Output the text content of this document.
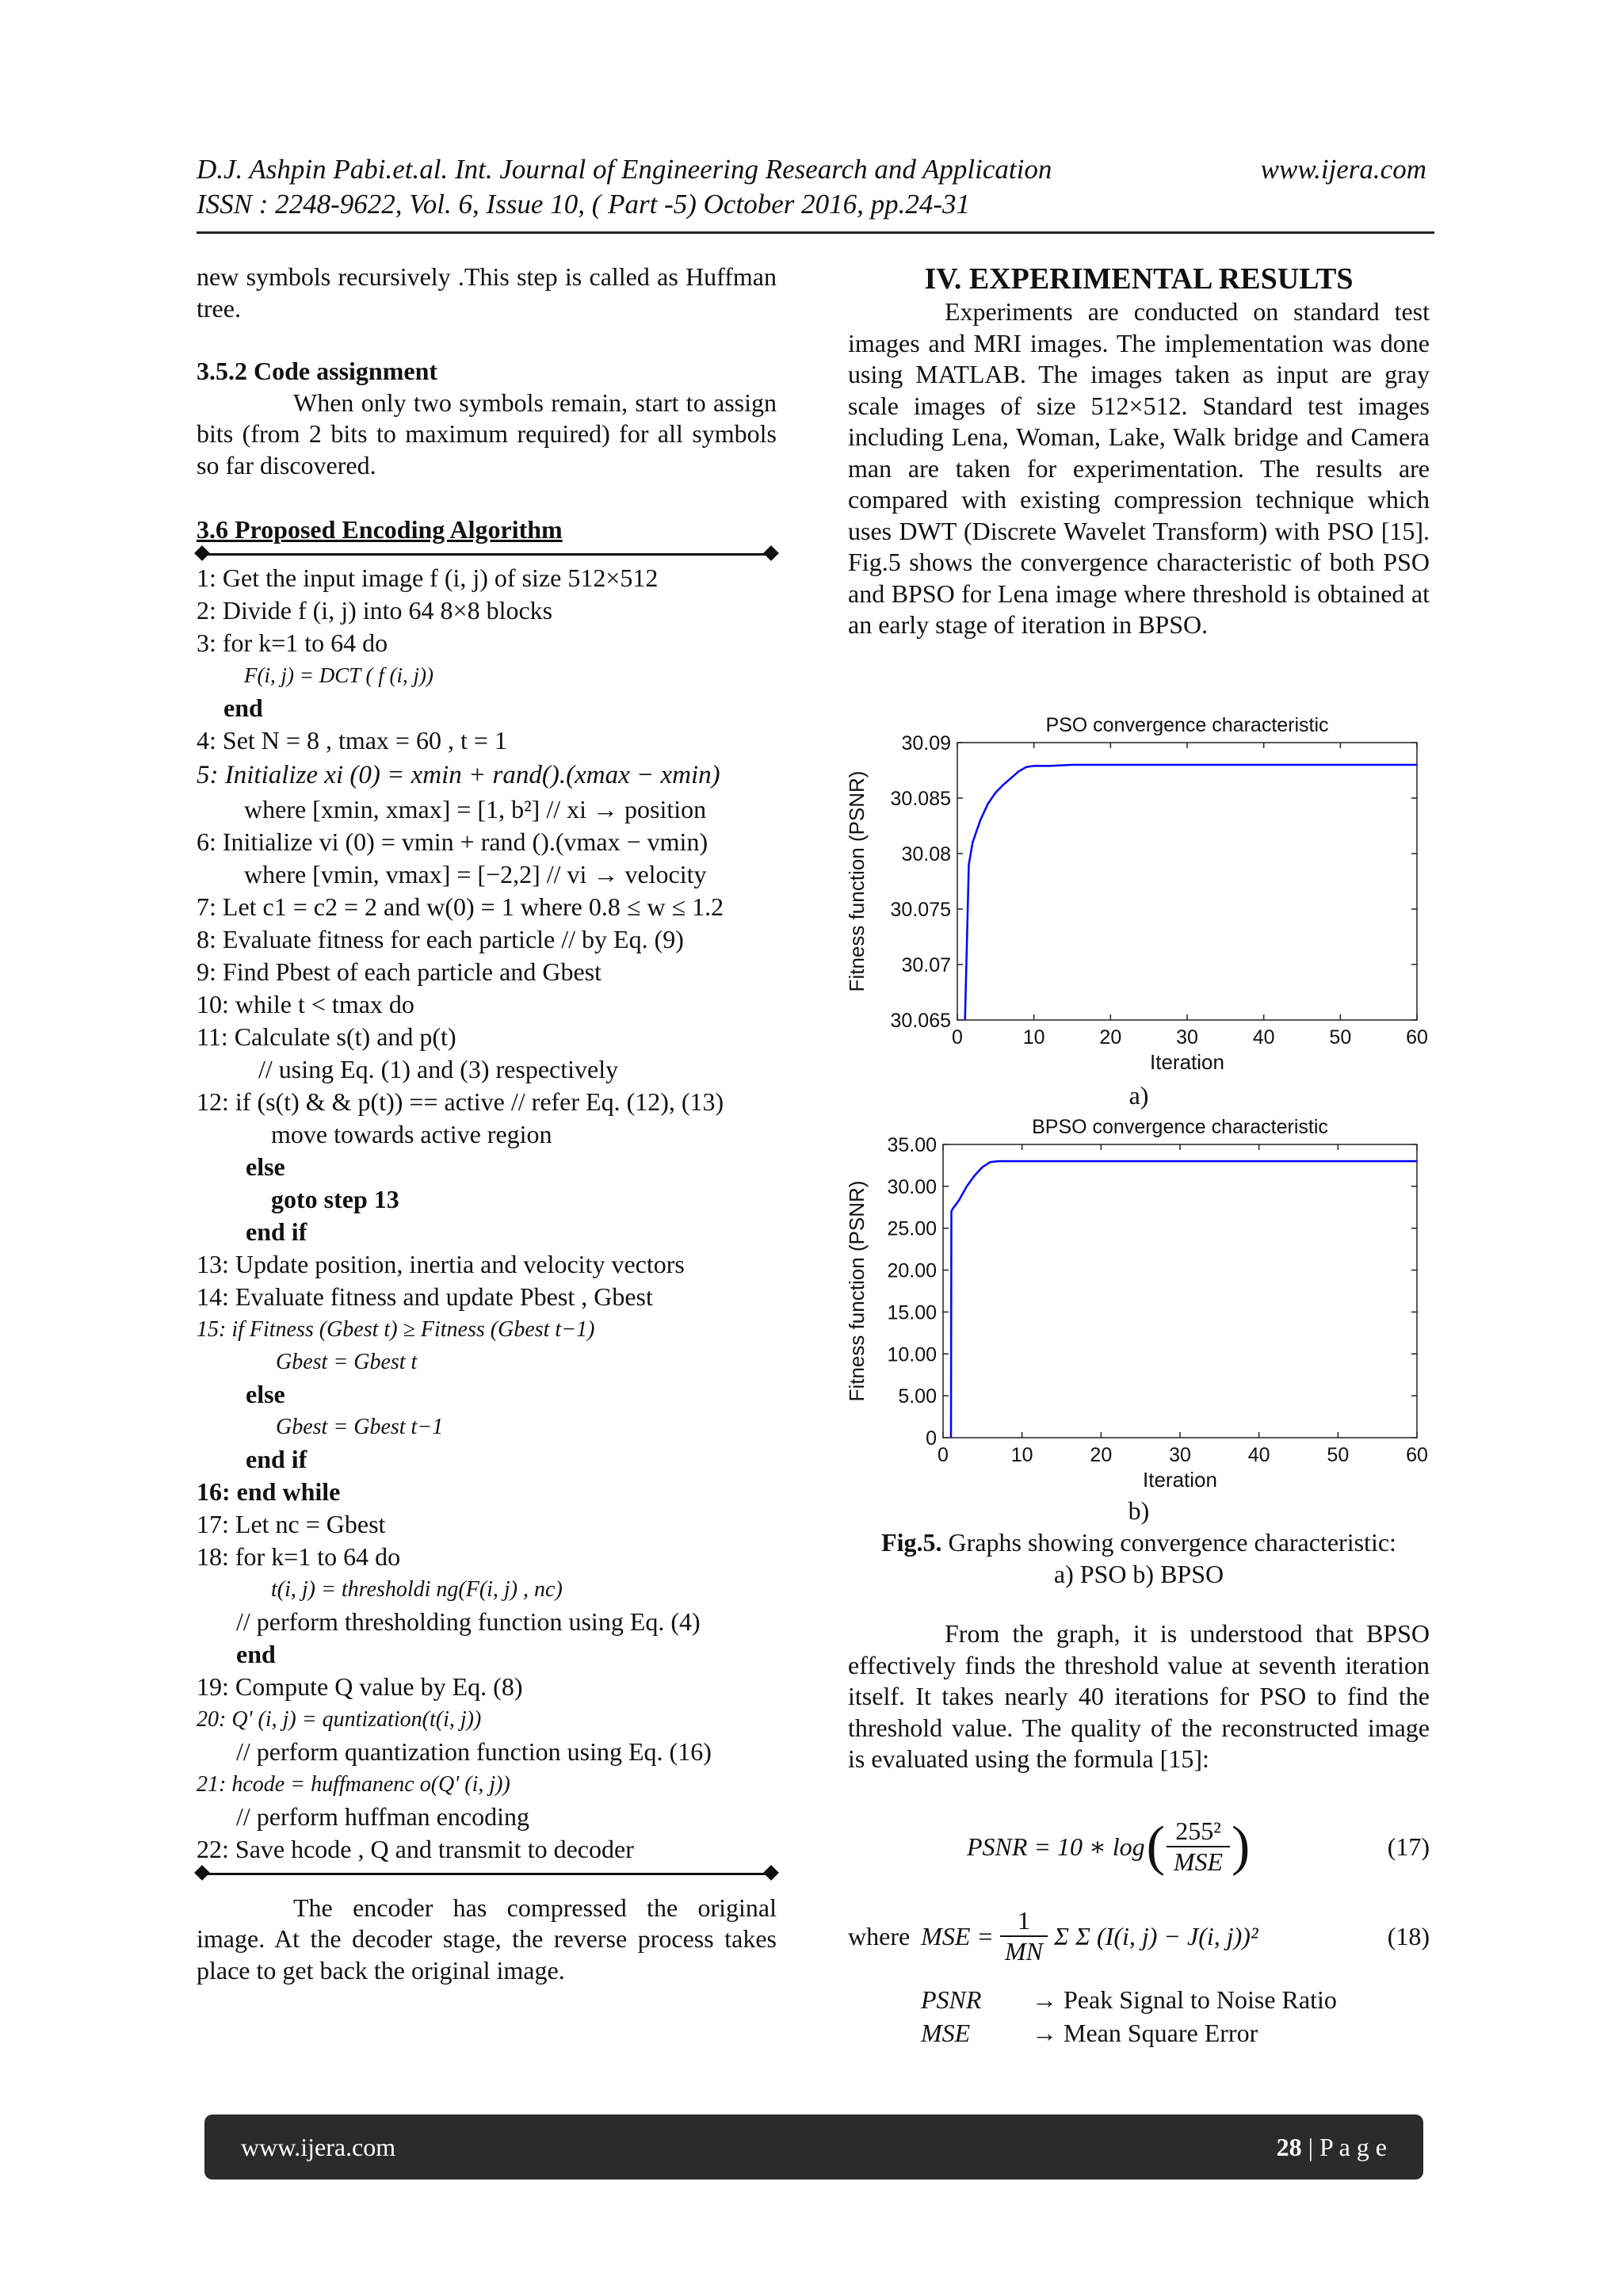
D.J. Ashpin Pabi.et.al. Int. Journal of Engineering Research and Application	www.ijera.com
ISSN : 2248-9622, Vol. 6, Issue 10, ( Part -5) October 2016, pp.24-31
new symbols recursively .This step is called as Huffman tree.
3.5.2 Code assignment
When only two symbols remain, start to assign bits (from 2 bits to maximum required) for all symbols so far discovered.
3.6 Proposed Encoding Algorithm
1: Get the input image f (i, j) of size 512×512
2: Divide f (i, j) into 64 8×8 blocks
3: for k=1 to 64 do
F(i, j) = DCT ( f (i, j))
end
4: Set N = 8 , tmax = 60 , t = 1
5: Initialize xi (0) = xmin + rand().(xmax − xmin)
where [xmin, xmax] = [1, b²] // xi → position
6: Initialize vi (0) = vmin + rand ().(vmax − vmin)
where [vmin, vmax] = [−2,2] // vi → velocity
7: Let c1 = c2 = 2 and w(0) = 1 where 0.8 ≤ w ≤ 1.2
8: Evaluate fitness for each particle // by Eq. (9)
9: Find Pbest of each particle and Gbest
10: while t < tmax do
11: Calculate s(t) and p(t)
// using Eq. (1) and (3) respectively
12: if (s(t) & & p(t)) == active // refer Eq. (12), (13)
move towards active region
else
goto step 13
end if
13: Update position, inertia and velocity vectors
14: Evaluate fitness and update Pbest , Gbest
15: if Fitness (Gbest t) ≥ Fitness (Gbest t−1)
Gbest = Gbest t
else
Gbest = Gbest t−1
end if
16: end while
17: Let nc = Gbest
18: for k=1 to 64 do
t(i, j) = thresholdi ng(F(i, j) , nc)
// perform thresholding function using Eq. (4)
end
19: Compute Q value by Eq. (8)
20: Q' (i, j) = quntization(t(i, j))
// perform quantization function using Eq. (16)
21: hcode = huffmanenc o(Q' (i, j))
// perform huffman encoding
22: Save hcode , Q and transmit to decoder
The encoder has compressed the original image. At the decoder stage, the reverse process takes place to get back the original image.
IV. EXPERIMENTAL RESULTS
Experiments are conducted on standard test images and MRI images. The implementation was done using MATLAB. The images taken as input are gray scale images of size 512×512. Standard test images including Lena, Woman, Lake, Walk bridge and Camera man are taken for experimentation. The results are compared with existing compression technique which uses DWT (Discrete Wavelet Transform) with PSO [15]. Fig.5 shows the convergence characteristic of both PSO and BPSO for Lena image where threshold is obtained at an early stage of iteration in BPSO.
PSO convergence characteristic
0	10	20	30	40	50	60
30.065
30.07
30.075
30.08
30.085
30.09
Iteration
Fitness function (PSNR)
a)
BPSO convergence characteristic
0	10	20	30	40	50	60
0
5.00
10.00
15.00
20.00
25.00
30.00
35.00
Iteration
Fitness function (PSNR)
b)
Fig.5. Graphs showing convergence characteristic:
a) PSO b) BPSO
From the graph, it is understood that BPSO effectively finds the threshold value at seventh iteration itself. It takes nearly 40 iterations for PSO to find the threshold value. The quality of the reconstructed image is evaluated using the formula [15]:
PSNR = 10 ∗ log ( 255²
MSE )	(17)
where MSE =
1
MN
Σ Σ (I(i, j) − J(i, j))²	(18)
PSNR → Peak Signal to Noise Ratio
MSE → Mean Square Error
www.ijera.com	28 | P a g e
